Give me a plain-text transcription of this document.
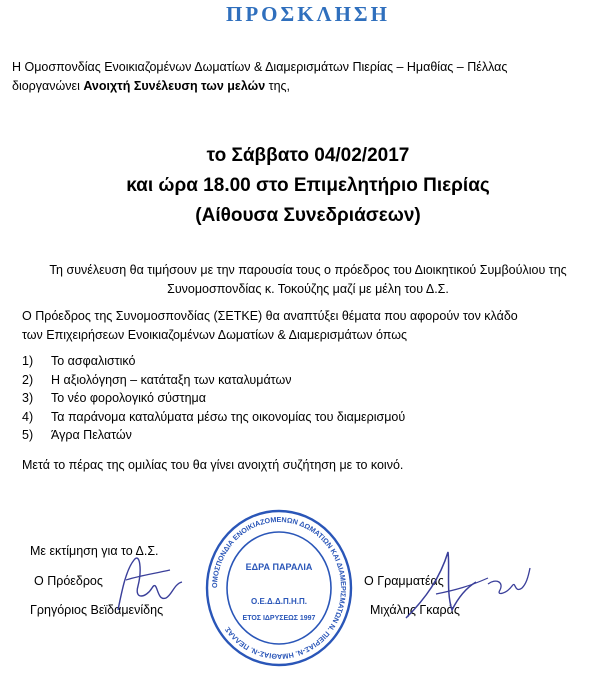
ΠΡΟΣΚΛΗΣΗ
Η Ομοσπονδίας Ενοικιαζομένων Δωματίων & Διαμερισμάτων Πιερίας – Ημαθίας – Πέλλας
διοργανώνει Ανοιχτή Συνέλευση των μελών της,
το Σάββατο 04/02/2017
και ώρα 18.00 στο Επιμελητήριο Πιερίας
(Αίθουσα Συνεδριάσεων)
Τη συνέλευση θα τιμήσουν με την παρουσία τους ο πρόεδρος του Διοικητικού Συμβούλιου της
Συνομοσπονδίας κ. Τοκούζης μαζί με μέλη του Δ.Σ.
Ο Πρόεδρος της Συνομοσπονδίας (ΣΕΤΚΕ) θα αναπτύξει θέματα που αφορούν τον κλάδο
των Επιχειρήσεων Ενοικιαζομένων Δωματίων & Διαμερισμάτων όπως
1) Το ασφαλιστικό
2) Η αξιολόγηση – κατάταξη των καταλυμάτων
3) Το νέο φορολογικό σύστημα
4) Τα παράνομα καταλύματα μέσω της οικονομίας του διαμερισμού
5) Άγρα Πελατών
Μετά το πέρας της ομιλίας του θα γίνει ανοιχτή συζήτηση με το κοινό.
Με εκτίμηση για το Δ.Σ.
Ο Πρόεδρος
Γρηγόριος Βεϊδαμενίδης
Ο Γραμματέας
Μιχάλης Γκαράς
ΟΜΟΣΠΟΝΔΙΑ ΕΝΟΙΚΙΑΖΟΜΕΝΩΝ ΔΩΜΑΤΙΩΝ ΚΑΙ ΔΙΑΜΕΡΙΣΜΑΤΩΝ Ν. ΠΙΕΡΙΑΣ-Ν. ΗΜΑΘΙΑΣ-Ν. ΠΕΛΛΑΣ
ΕΔΡΑ ΠΑΡΑΛΙΑ
Ο.Ε.Δ.Δ.Π.Η.Π.
ΕΤΟΣ ΙΔΡΥΣΕΩΣ 1997
